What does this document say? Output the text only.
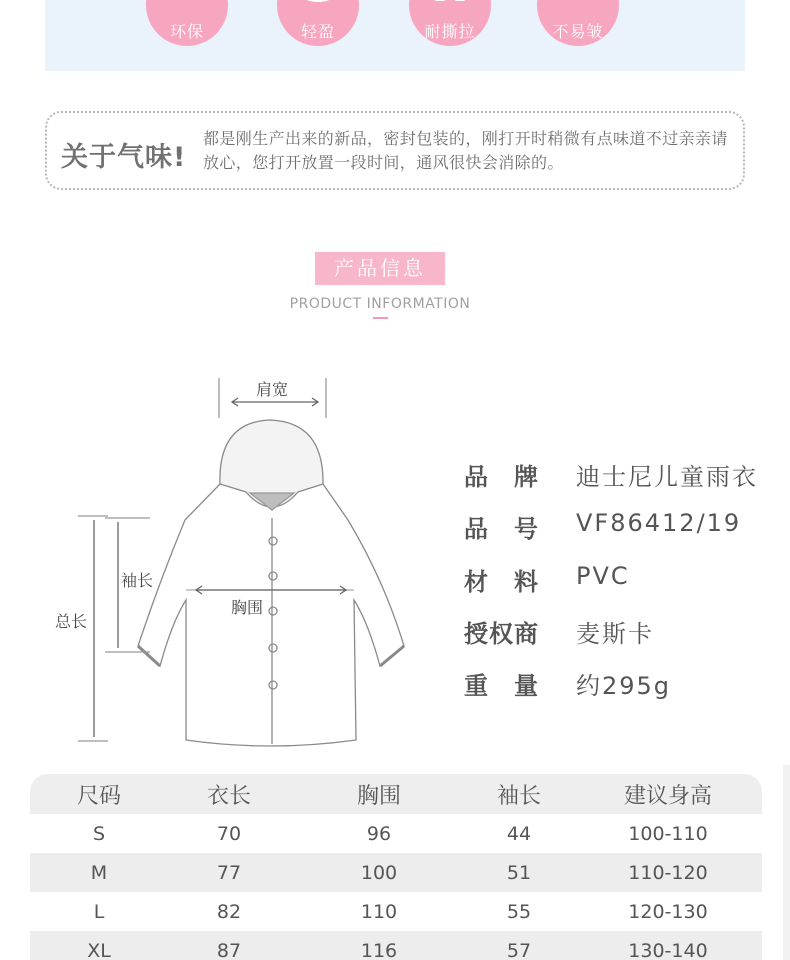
环保	轻盈	耐撕拉	不易皱
关于气味!
都是刚生产出来的新品，密封包装的，刚打开时稍微有点味道不过亲亲请放心，您打开放置一段时间，通风很快会消除的。
产品信息
PRODUCT INFORMATION
肩宽
袖长
胸围
总长
品　牌	迪士尼儿童雨衣
品　号	VF86412/19
材　料	PVC
授权商	麦斯卡
重　量	约295g
尺码	衣长	胸围	袖长	建议身高
S	70	96	44	100-110
M	77	100	51	110-120
L	82	110	55	120-130
XL	87	116	57	130-140
